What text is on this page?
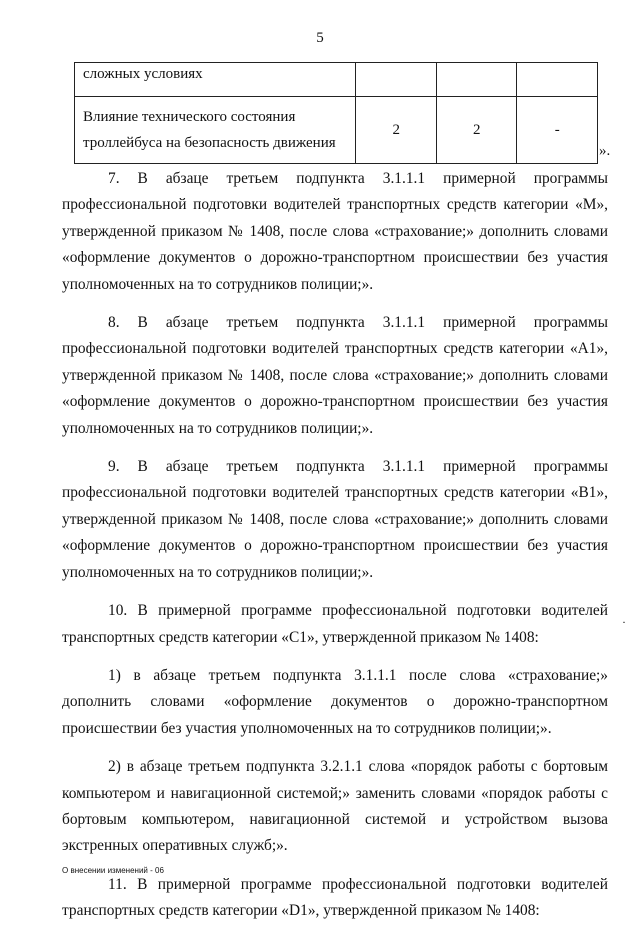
5
сложных условиях			
Влияние технического состояния троллейбуса на безопасность движения	2	2	-
».

7. В абзаце третьем подпункта 3.1.1.1 примерной программы профессиональной подготовки водителей транспортных средств категории «М», утвержденной приказом № 1408, после слова «страхование;» дополнить словами «оформление документов о дорожно-транспортном происшествии без участия уполномоченных на то сотрудников полиции;».

8. В абзаце третьем подпункта 3.1.1.1 примерной программы профессиональной подготовки водителей транспортных средств категории «А1», утвержденной приказом № 1408, после слова «страхование;» дополнить словами «оформление документов о дорожно-транспортном происшествии без участия уполномоченных на то сотрудников полиции;».

9. В абзаце третьем подпункта 3.1.1.1 примерной программы профессиональной подготовки водителей транспортных средств категории «В1», утвержденной приказом № 1408, после слова «страхование;» дополнить словами «оформление документов о дорожно-транспортном происшествии без участия уполномоченных на то сотрудников полиции;».

10. В примерной программе профессиональной подготовки водителей транспортных средств категории «С1», утвержденной приказом № 1408:

1) в абзаце третьем подпункта 3.1.1.1 после слова «страхование;» дополнить словами «оформление документов о дорожно-транспортном происшествии без участия уполномоченных на то сотрудников полиции;».

2) в абзаце третьем подпункта 3.2.1.1 слова «порядок работы с бортовым компьютером и навигационной системой;» заменить словами «порядок работы с бортовым компьютером, навигационной системой и устройством вызова экстренных оперативных служб;».

11. В примерной программе профессиональной подготовки водителей транспортных средств категории «D1», утвержденной приказом № 1408:

·
О внесении изменений - 06
